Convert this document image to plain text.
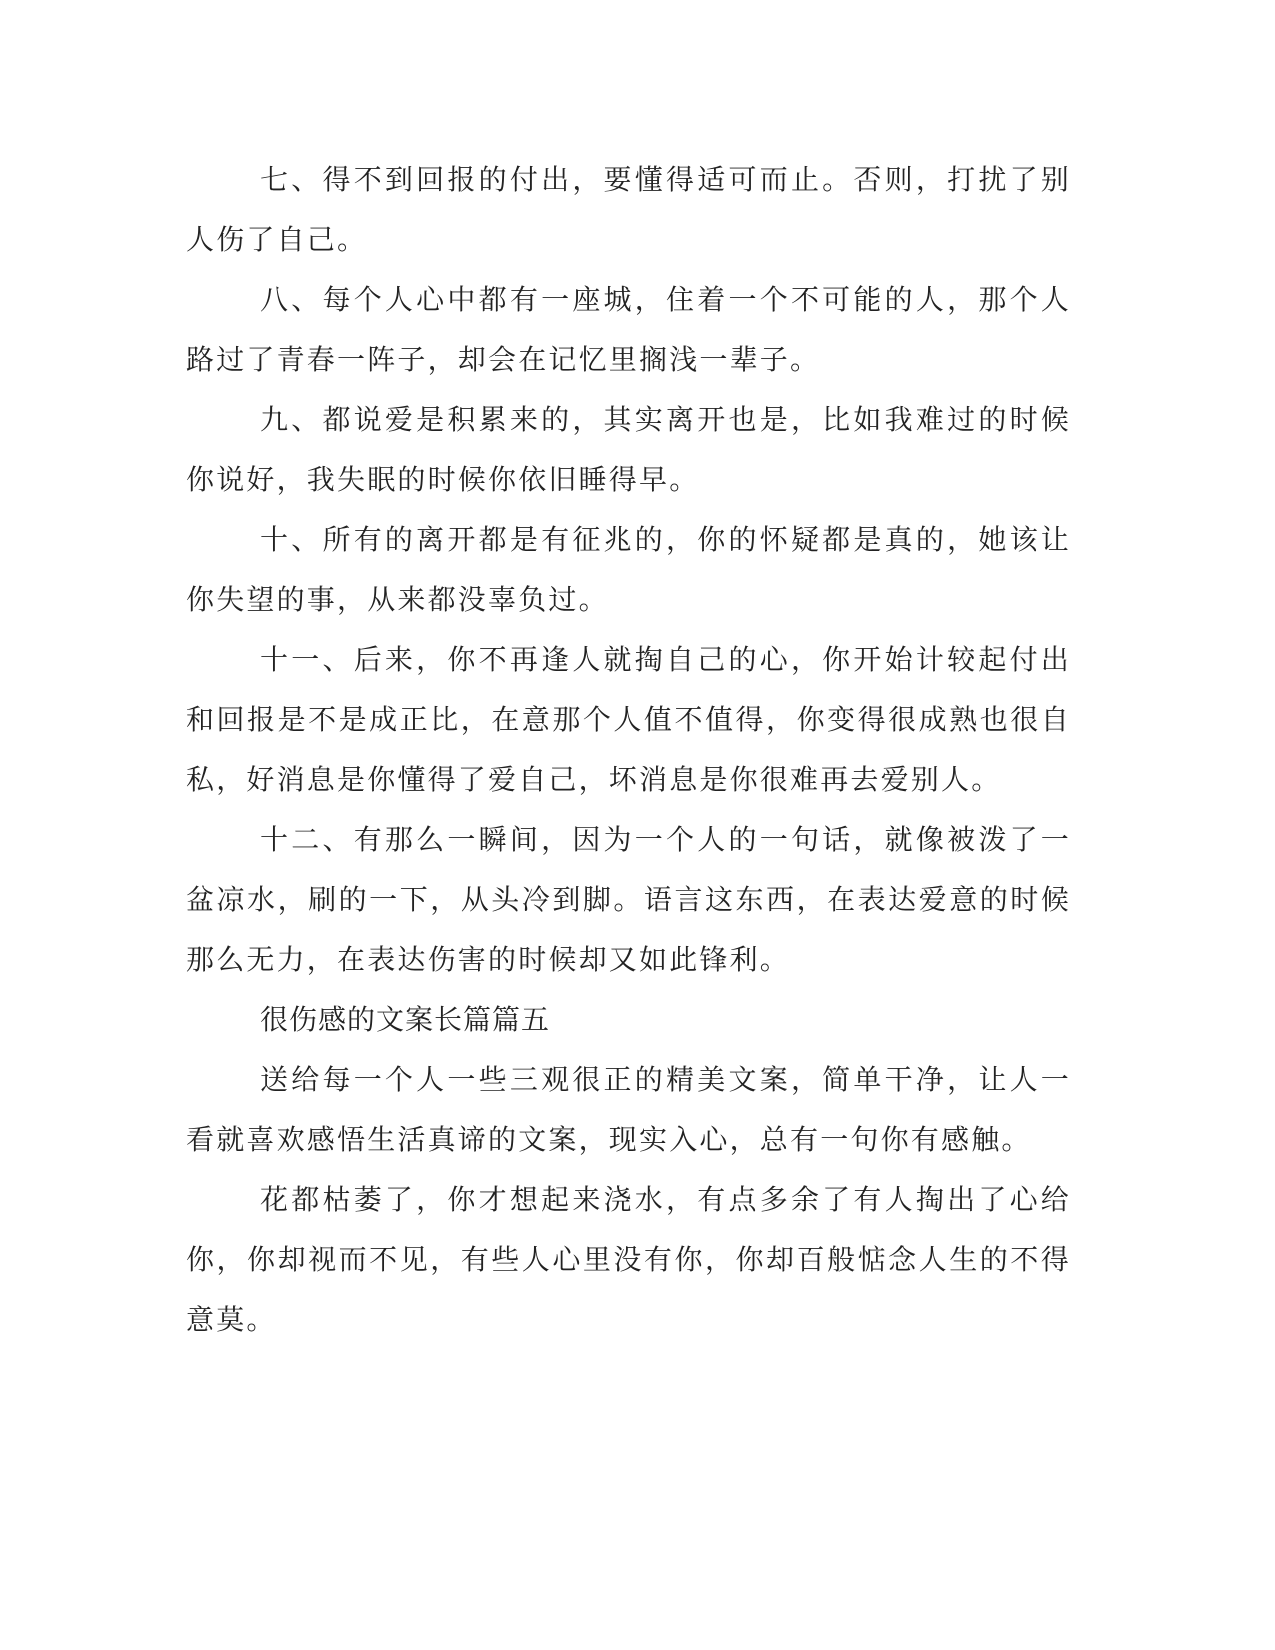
七、得不到回报的付出，要懂得适可而止。否则，打扰了别人伤了自己。

八、每个人心中都有一座城，住着一个不可能的人，那个人路过了青春一阵子，却会在记忆里搁浅一辈子。

九、都说爱是积累来的，其实离开也是，比如我难过的时候你说好，我失眠的时候你依旧睡得早。

十、所有的离开都是有征兆的，你的怀疑都是真的，她该让你失望的事，从来都没辜负过。

十一、后来，你不再逢人就掏自己的心，你开始计较起付出和回报是不是成正比，在意那个人值不值得，你变得很成熟也很自私，好消息是你懂得了爱自己，坏消息是你很难再去爱别人。

十二、有那么一瞬间，因为一个人的一句话，就像被泼了一盆凉水，刷的一下，从头冷到脚。语言这东西，在表达爱意的时候那么无力，在表达伤害的时候却又如此锋利。

很伤感的文案长篇篇五

送给每一个人一些三观很正的精美文案，简单干净，让人一看就喜欢感悟生活真谛的文案，现实入心，总有一句你有感触。

花都枯萎了，你才想起来浇水，有点多余了有人掏出了心给你，你却视而不见，有些人心里没有你，你却百般惦念人生的不得意莫。
